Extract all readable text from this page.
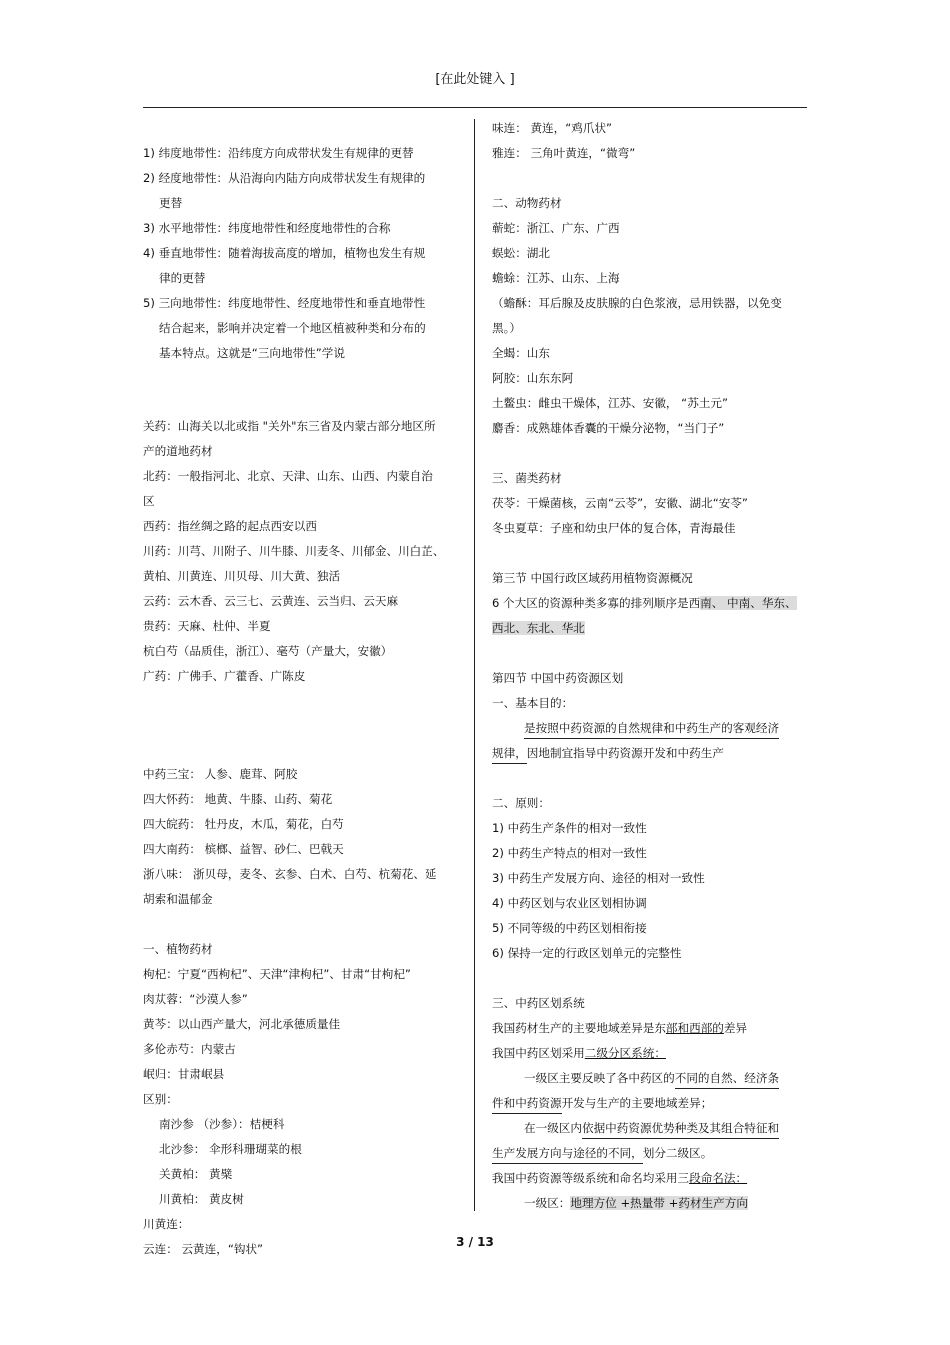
[在此处键入 ]
1) 纬度地带性：沿纬度方向成带状发生有规律的更替
2) 经度地带性：从沿海向内陆方向成带状发生有规律的
更替
3) 水平地带性：纬度地带性和经度地带性的合称
4) 垂直地带性：随着海拔高度的增加，植物也发生有规
律的更替
5) 三向地带性：纬度地带性、经度地带性和垂直地带性
结合起来，影响并决定着一个地区植被种类和分布的
基本特点。这就是“三向地带性”学说
关药：山海关以北或指 "关外"东三省及内蒙古部分地区所
产的道地药材
北药：一般指河北、北京、天津、山东、山西、内蒙自治
区
西药：指丝绸之路的起点西安以西
川药：川芎、川附子、川牛膝、川麦冬、川郁金、川白芷、
黄柏、川黄连、川贝母、川大黄、独活
云药：云木香、云三七、云黄连、云当归、云天麻
贵药：天麻、杜仲、半夏
杭白芍（品质佳，浙江）、毫芍（产量大，安徽）
广药：广佛手、广藿香、广陈皮
中药三宝： 人参、鹿茸、阿胶
四大怀药： 地黄、牛膝、山药、菊花
四大皖药： 牡丹皮，木瓜，菊花，白芍
四大南药： 槟榔、益智、砂仁、巴戟天
浙八味： 浙贝母，麦冬、玄参、白术、白芍、杭菊花、延
胡索和温郁金
一、植物药材
枸杞：宁夏“西枸杞”、天津“津枸杞”、甘肃“甘枸杞”
肉苁蓉：“沙漠人参”
黄芩：以山西产量大，河北承德质量佳
多伦赤芍：内蒙古
岷归：甘肃岷县
区别：
南沙参 （沙参）：桔梗科
北沙参： 伞形科珊瑚菜的根
关黄柏： 黄檗
川黄柏： 黄皮树
川黄连：
云连： 云黄连，“钩状”
味连： 黄连，“鸡爪状”
雅连： 三角叶黄连，“微弯”
二、动物药材
蕲蛇：浙江、广东、广西
蜈蚣：湖北
蟾蜍：江苏、山东、上海
（蟾酥：耳后腺及皮肤腺的白色浆液，忌用铁器，以免变
黑。）
全蝎：山东
阿胶：山东东阿
土鳖虫：雌虫干燥体，江苏、安徽， “苏土元”
麝香：成熟雄体香囊的干燥分泌物，“当门子”
三、菌类药材
茯苓：干燥菌核，云南“云苓”，安徽、湖北“安苓”
冬虫夏草：子座和幼虫尸体的复合体，青海最佳
第三节 中国行政区域药用植物资源概况
6 个大区的资源种类多寡的排列顺序是西南、 中南、华东、
西北、东北、华北
第四节 中国中药资源区划
一、基本目的：
是按照中药资源的自然规律和中药生产的客观经济
规律，因地制宜指导中药资源开发和中药生产
二、原则：
1) 中药生产条件的相对一致性
2) 中药生产特点的相对一致性
3) 中药生产发展方向、途径的相对一致性
4) 中药区划与农业区划相协调
5) 不同等级的中药区划相衔接
6) 保持一定的行政区划单元的完整性
三、中药区划系统
我国药材生产的主要地域差异是东部和西部的差异
我国中药区划采用二级分区系统：
一级区主要反映了各中药区的不同的自然、经济条
件和中药资源开发与生产的主要地域差异；
在一级区内依据中药资源优势种类及其组合特征和
生产发展方向与途径的不同，划分二级区。
我国中药资源等级系统和命名均采用三段命名法：
一级区：地理方位 +热量带 +药材生产方向
3 / 13
